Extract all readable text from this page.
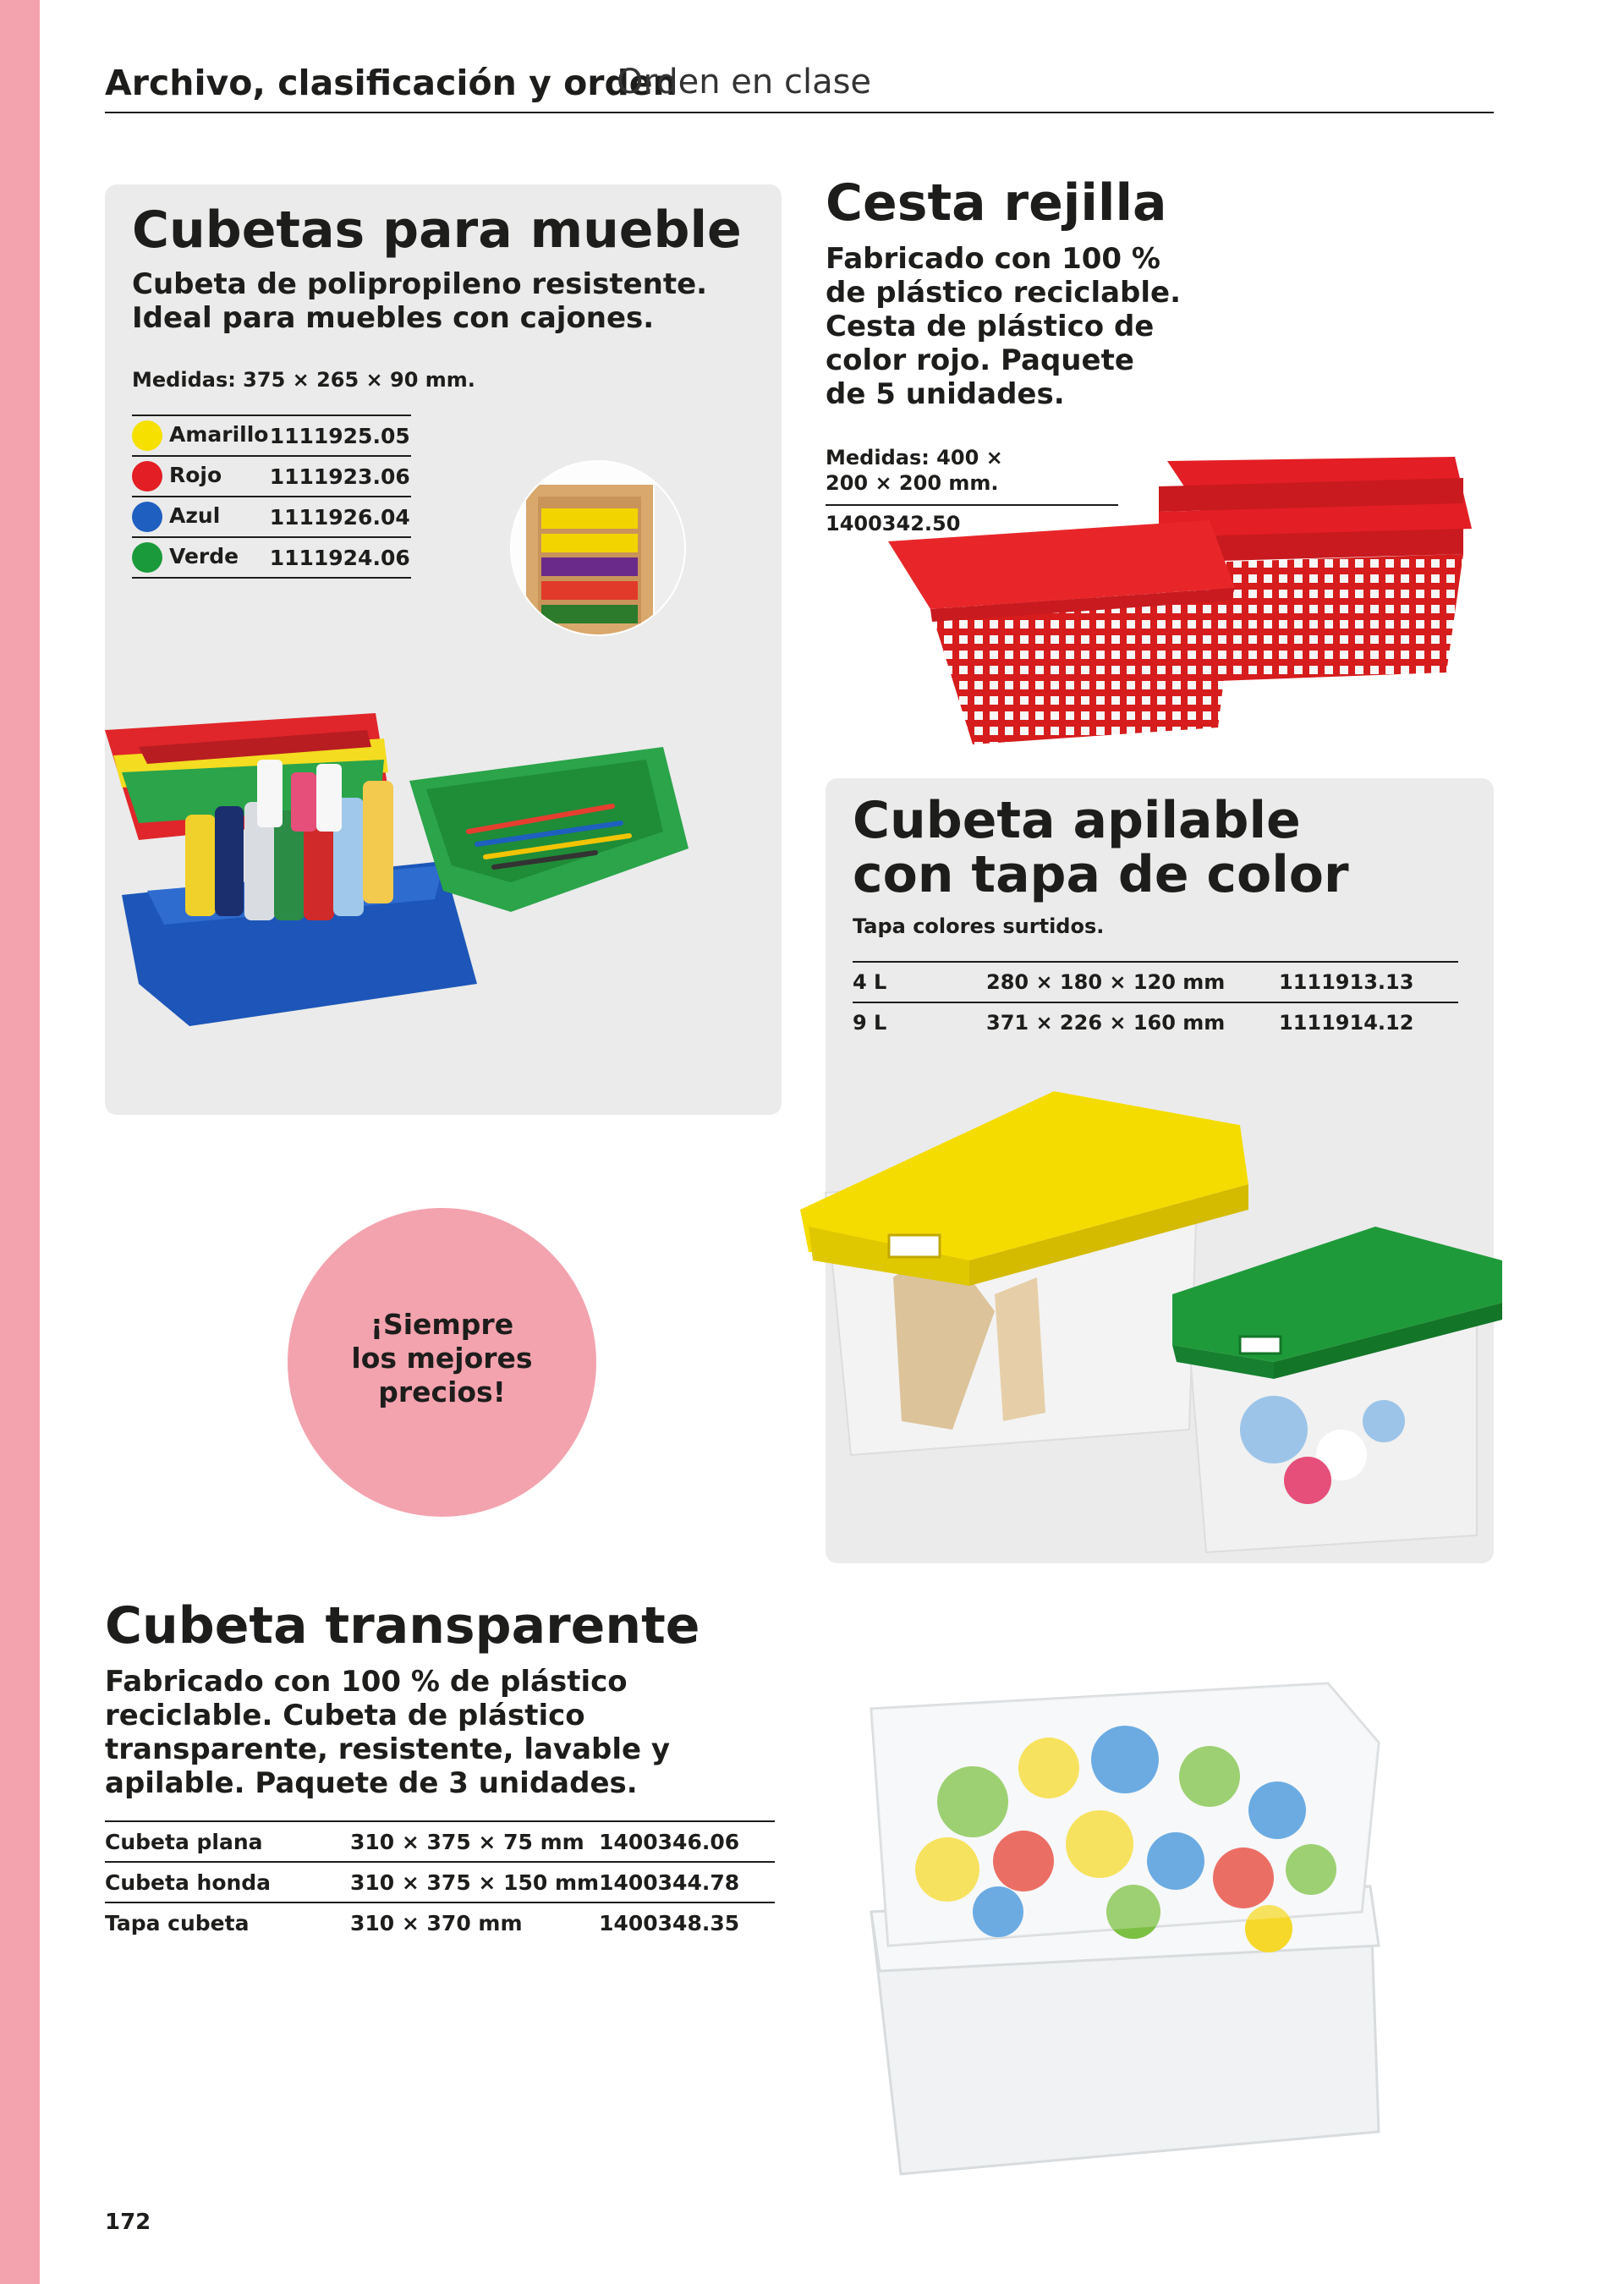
Archivo, clasificación y orden
Orden en clase
Cubetas para mueble
Cubeta de polipropileno resistente.
Ideal para muebles con cajones.
Medidas: 375 × 265 × 90 mm.
Amarillo	1111925.05
Rojo	1111923.06
Azul	1111926.04
Verde	1111924.06
Cesta rejilla
Fabricado con 100 %
de plástico reciclable.
Cesta de plástico de
color rojo. Paquete
de 5 unidades.
Medidas: 400 ×
200 × 200 mm.
1400342.50
Cubeta apilable
con tapa de color
Tapa colores surtidos.
4 L	280 × 180 × 120 mm	1111913.13
9 L	371 × 226 × 160 mm	1111914.12
¡Siempre
los mejores
precios!
Cubeta transparente
Fabricado con 100 % de plástico
reciclable. Cubeta de plástico
transparente, resistente, lavable y
apilable. Paquete de 3 unidades.
Cubeta plana	310 × 375 × 75 mm	1400346.06
Cubeta honda	310 × 375 × 150 mm	1400344.78
Tapa cubeta	310 × 370 mm	1400348.35
172
